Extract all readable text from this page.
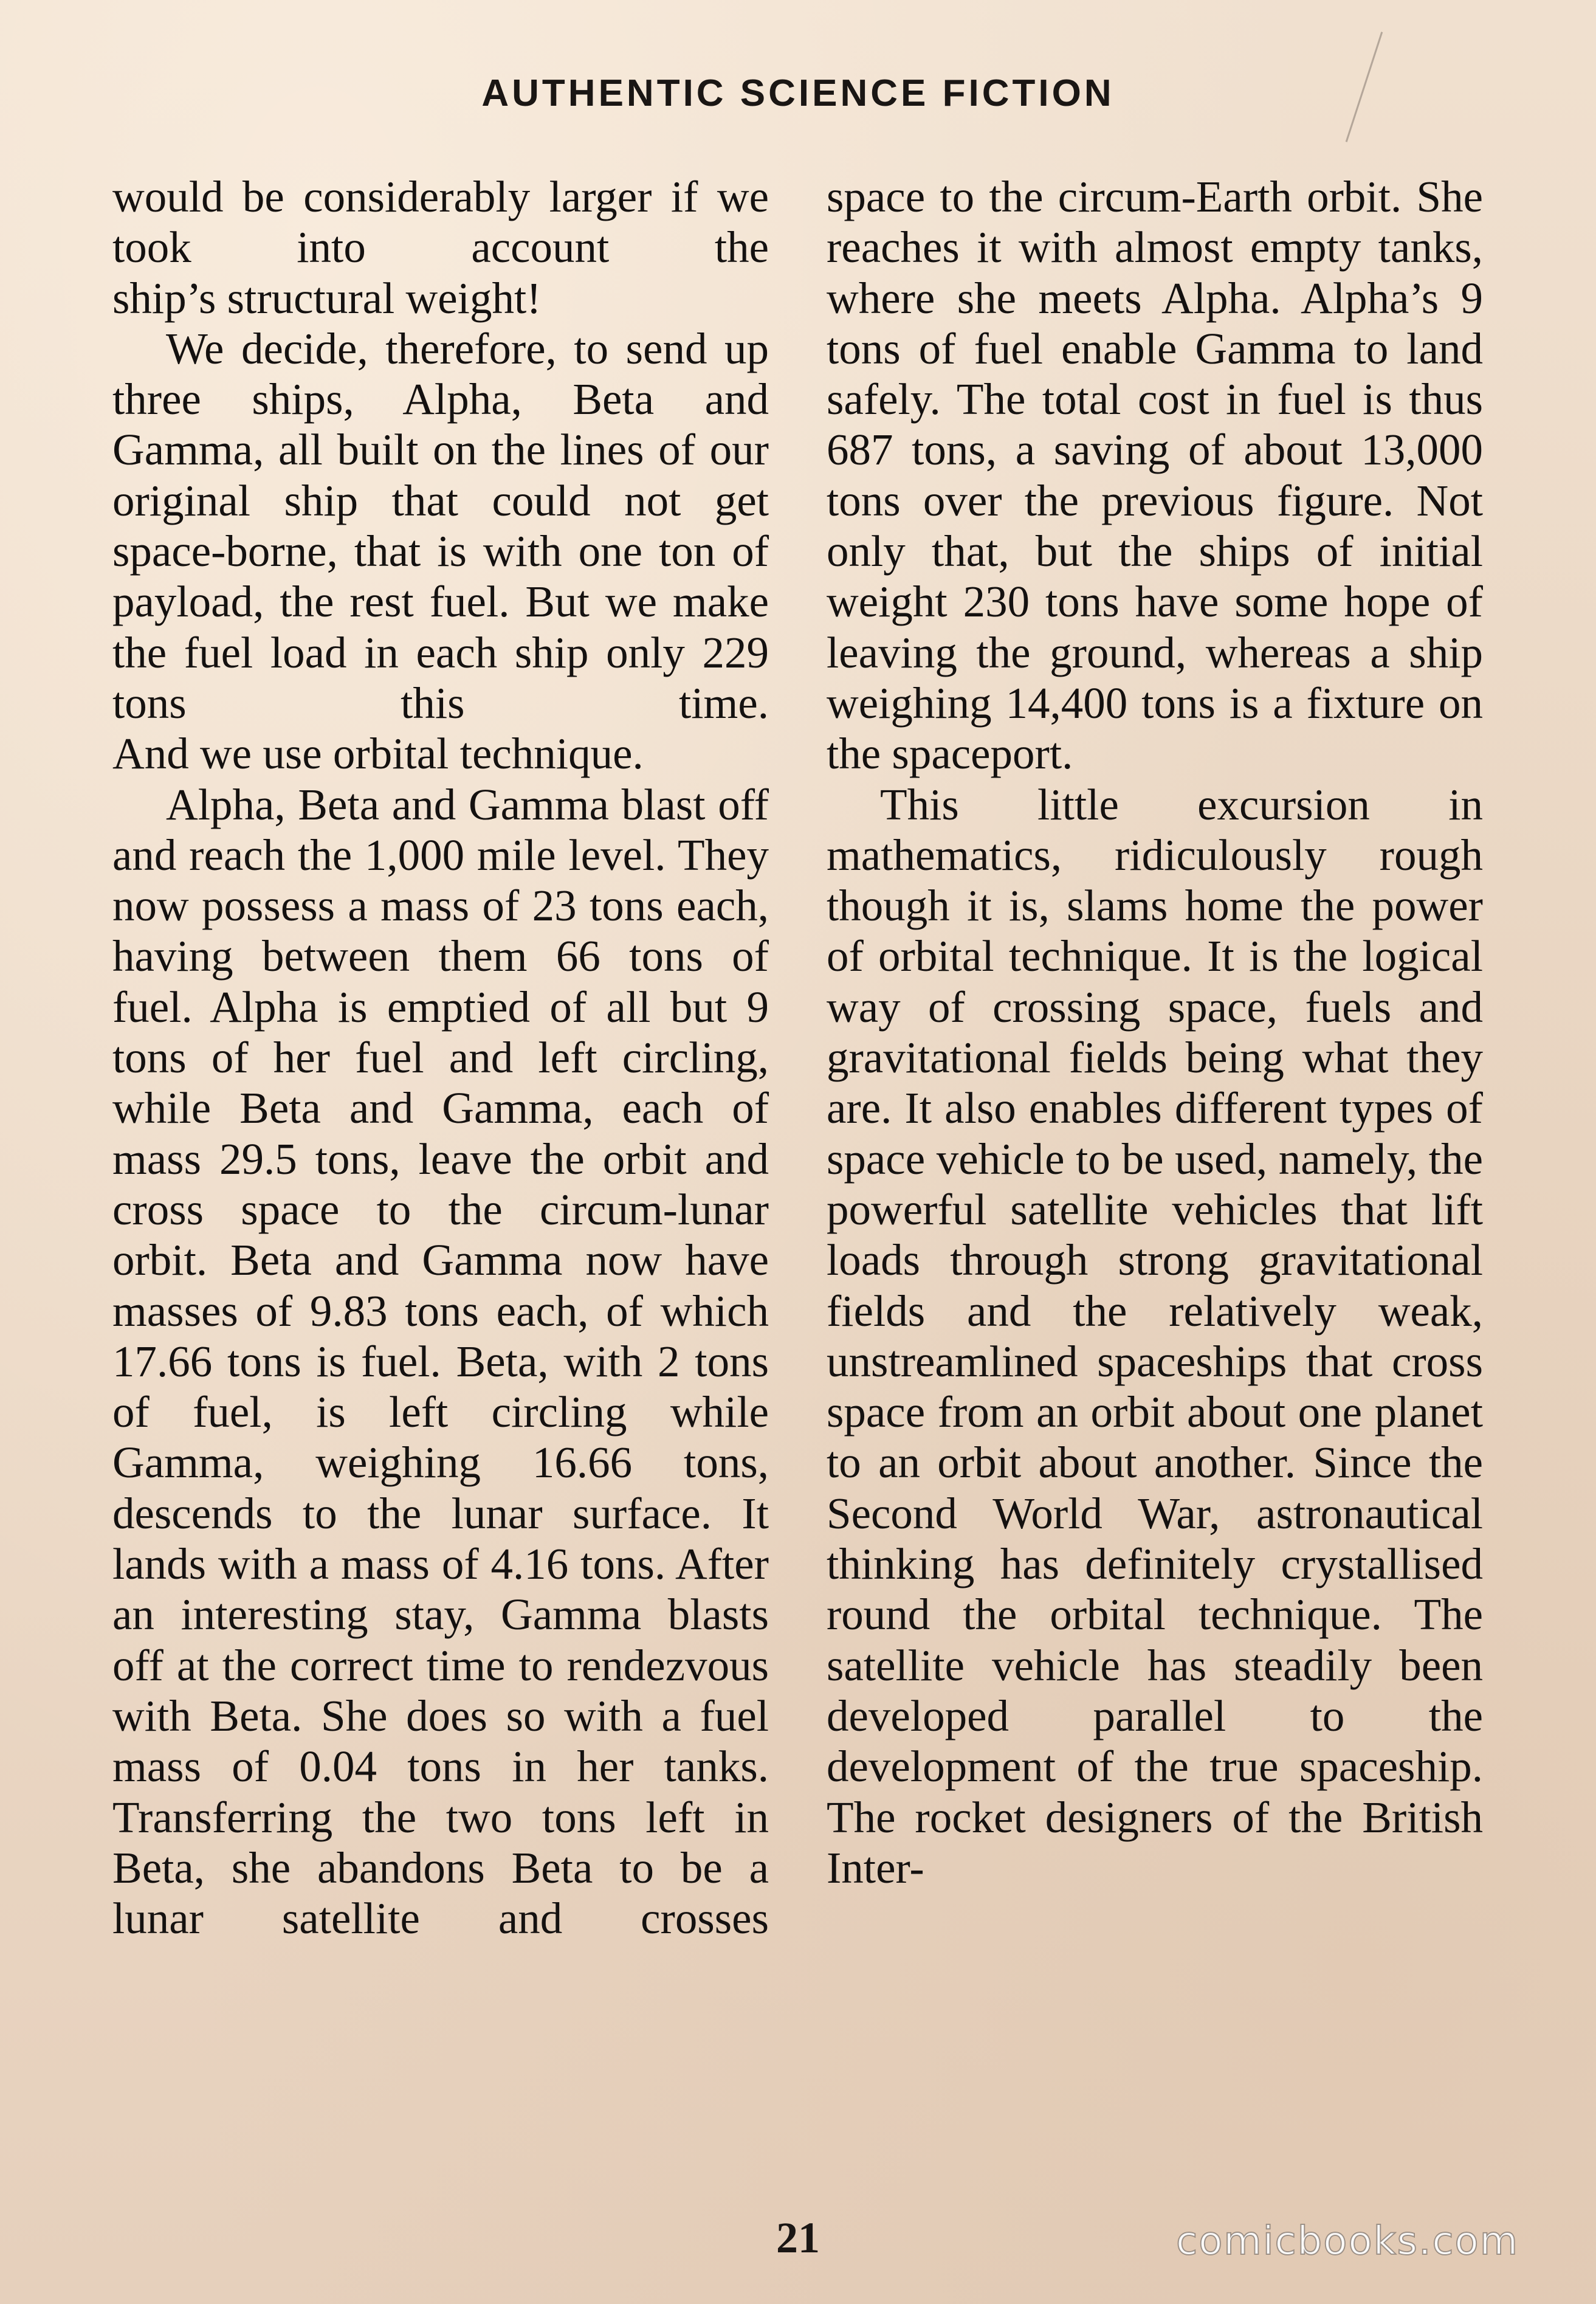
AUTHENTIC SCIENCE FICTION

would be considerably larger if we took into account the
ship’s structural weight!

We decide, therefore, to send up three ships, Alpha, Beta and Gamma, all built on the lines of our original ship that could not get space-borne, that is with one ton of payload, the rest fuel. But we make the fuel load in each ship only 229 tons this time.
And we use orbital technique.

Alpha, Beta and Gamma blast off and reach the 1,000 mile level. They now possess a mass of 23 tons each, having between them 66 tons of fuel. Alpha is emptied of all but 9 tons of her fuel and left circling, while Beta and Gamma, each of mass 29.5 tons, leave the orbit and cross space to the circum-lunar orbit. Beta and Gamma now have masses of 9.83 tons each, of which 17.66 tons is fuel. Beta, with 2 tons of fuel, is left circling while Gamma, weighing 16.66 tons, descends to the lunar surface. It lands with a mass of 4.16 tons. After an interesting stay, Gamma blasts off at the correct time to rendezvous with Beta. She does so with a fuel mass of 0.04 tons in her tanks. Transferring the two tons left in Beta, she abandons Beta to be a lunar satellite and crosses

space to the circum-Earth orbit. She reaches it with almost empty tanks, where she meets Alpha. Alpha’s 9 tons of fuel enable Gamma to land safely. The total cost in fuel is thus 687 tons, a saving of about 13,000 tons over the previous figure. Not only that, but the ships of initial weight 230 tons have some hope of leaving the ground, whereas a ship weighing 14,400 tons is a fixture on
the spaceport.

This little excursion in mathematics, ridiculously rough though it is, slams home the power of orbital technique. It is the logical way of crossing space, fuels and gravitational fields being what they are. It also enables different types of space vehicle to be used, namely, the powerful satellite vehicles that lift loads through strong gravitational fields and the relatively weak, unstreamlined spaceships that cross space from an orbit about one planet to an orbit about another. Since the Second World War, astronautical thinking has definitely crystallised round the orbital technique. The satellite vehicle has steadily been developed parallel to the development of the true spaceship. The rocket designers of the British Inter-

21	comicbooks.com
